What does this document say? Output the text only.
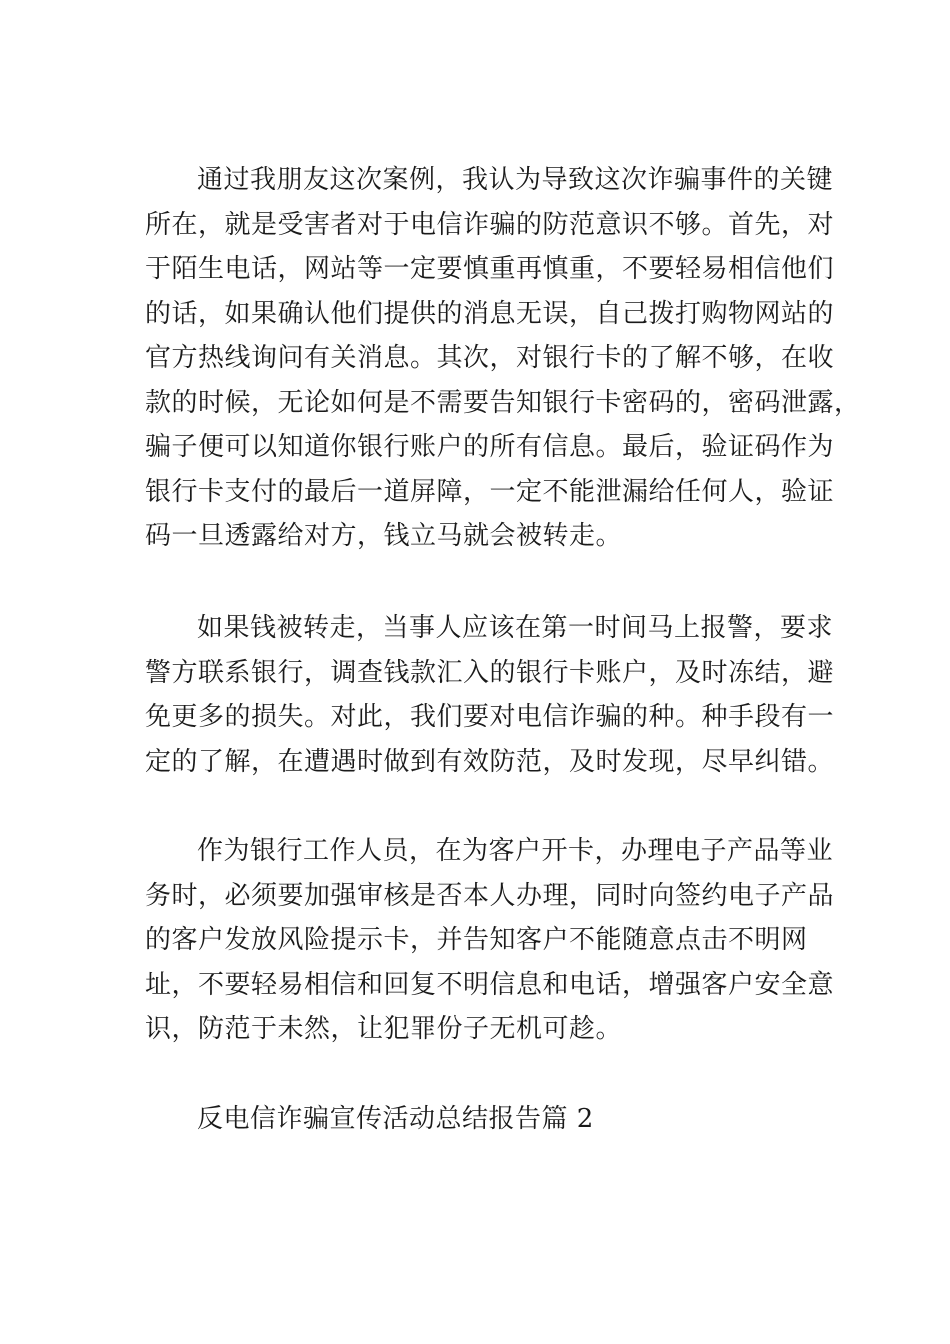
通过我朋友这次案例，我认为导致这次诈骗事件的关键
所在，就是受害者对于电信诈骗的防范意识不够。首先，对
于陌生电话，网站等一定要慎重再慎重，不要轻易相信他们
的话，如果确认他们提供的消息无误，自己拨打购物网站的
官方热线询问有关消息。其次，对银行卡的了解不够，在收
款的时候，无论如何是不需要告知银行卡密码的，密码泄露，
骗子便可以知道你银行账户的所有信息。最后，验证码作为
银行卡支付的最后一道屏障，一定不能泄漏给任何人，验证
码一旦透露给对方，钱立马就会被转走。

如果钱被转走，当事人应该在第一时间马上报警，要求
警方联系银行，调查钱款汇入的银行卡账户，及时冻结，避
免更多的损失。对此，我们要对电信诈骗的种。种手段有一
定的了解，在遭遇时做到有效防范，及时发现，尽早纠错。

作为银行工作人员，在为客户开卡，办理电子产品等业
务时，必须要加强审核是否本人办理，同时向签约电子产品
的客户发放风险提示卡，并告知客户不能随意点击不明网
址，不要轻易相信和回复不明信息和电话，增强客户安全意
识，防范于未然，让犯罪份子无机可趁。

反电信诈骗宣传活动总结报告篇 2
